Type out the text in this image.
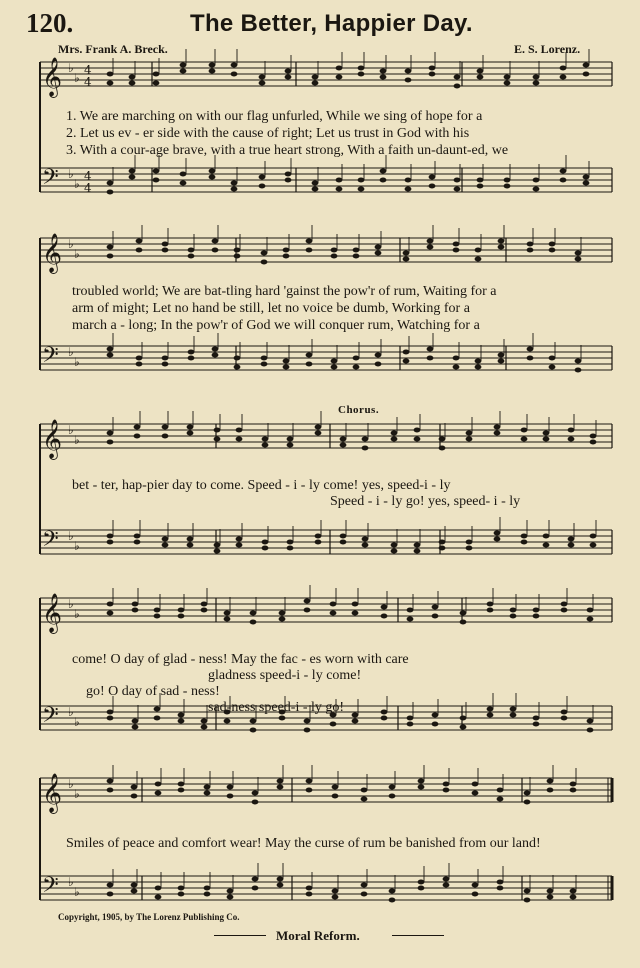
120.	The Better, Happier Day.
Mrs. Frank A. Breck.	E. S. Lorenz.
𝄞 ♭
♭
4
4
𝄢 ♭
♭
4
4
𝄞 ♭
♭
𝄢 ♭
♭
𝄞 ♭
♭
𝄢 ♭
♭
𝄞 ♭
♭
𝄢 ♭
♭
𝄞 ♭
♭
𝄢 ♭
♭
1. We are marching on with our flag unfurled, While we sing of hope for a
2. Let us ev - er side with the cause of right; Let us trust in God with his
3. With a cour-age brave, with a true heart strong, With a faith un-daunt-ed, we
troubled world; We are bat-tling hard 'gainst the pow'r of rum, Waiting for a
arm of might; Let no hand be still, let no voice be dumb, Working for a
march a - long; In the pow'r of God we will conquer rum, Watching for a
Chorus.
bet - ter, hap-pier day to come. Speed - i - ly come! yes, speed-i - ly
Speed - i - ly go! yes, speed- i - ly
come! O day of glad - ness! May the fac - es worn with care
gladness speed-i - ly come!
go! O day of sad - ness!
sad-ness speed-i - ly go!
Smiles of peace and comfort wear! May the curse of rum be banished from our land!
Copyright, 1905, by The Lorenz Publishing Co.
Moral Reform.
